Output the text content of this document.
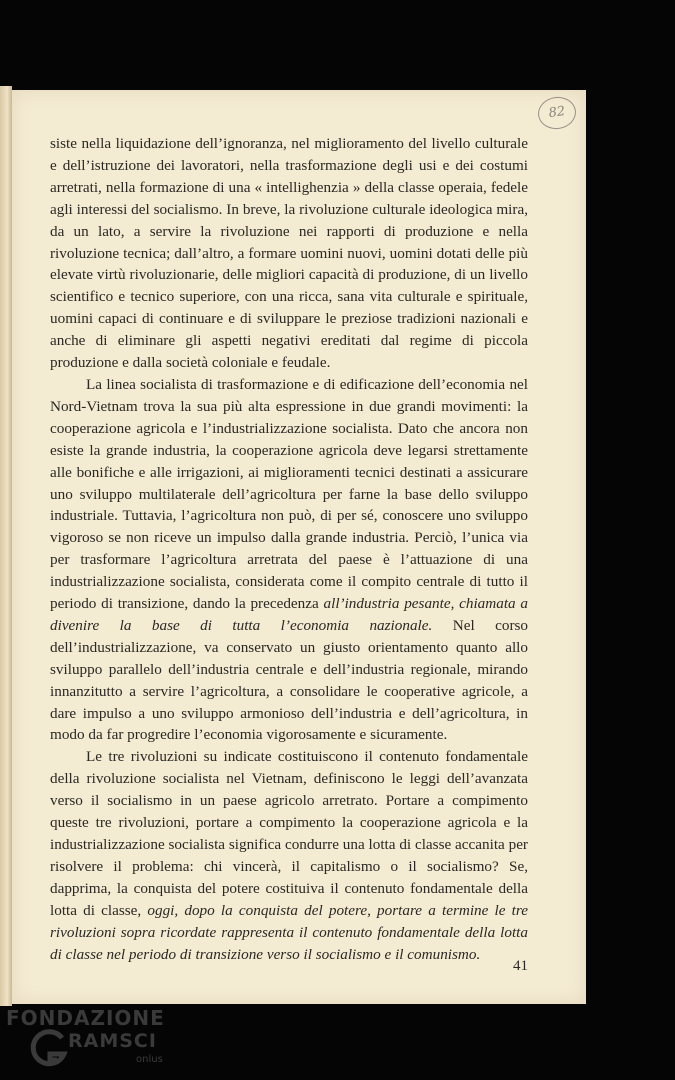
82

siste nella liquidazione dell’ignoranza, nel miglioramento del livello culturale e dell’istruzione dei lavoratori, nella trasformazione degli usi e dei costumi arretrati, nella formazione di una « intellighenzia » della classe operaia, fedele agli interessi del socialismo. In breve, la rivoluzione culturale ideologica mira, da un lato, a servire la rivoluzione nei rapporti di produzione e nella rivoluzione tecnica; dall’altro, a formare uomini nuovi, uomini dotati delle più elevate virtù rivoluzionarie, delle migliori capacità di produzione, di un livello scientifico e tecnico superiore, con una ricca, sana vita culturale e spirituale, uomini capaci di continuare e di sviluppare le preziose tradizioni nazionali e anche di eliminare gli aspetti negativi ereditati dal regime di piccola produzione e dalla società coloniale e feudale.

La linea socialista di trasformazione e di edificazione dell’economia nel Nord-Vietnam trova la sua più alta espressione in due grandi movimenti: la cooperazione agricola e l’industrializzazione socialista. Dato che ancora non esiste la grande industria, la cooperazione agricola deve legarsi strettamente alle bonifiche e alle irrigazioni, ai miglioramenti tecnici destinati a assicurare uno sviluppo multilaterale dell’agricoltura per farne la base dello sviluppo industriale. Tuttavia, l’agricoltura non può, di per sé, conoscere uno sviluppo vigoroso se non riceve un impulso dalla grande industria. Perciò, l’unica via per trasformare l’agricoltura arretrata del paese è l’attuazione di una industrializzazione socialista, considerata come il compito centrale di tutto il periodo di transizione, dando la precedenza all’industria pesante, chiamata a divenire la base di tutta l’economia nazionale. Nel corso dell’industrializzazione, va conservato un giusto orientamento quanto allo sviluppo parallelo dell’industria centrale e dell’industria regionale, mirando innanzitutto a servire l’agricoltura, a consolidare le cooperative agricole, a dare impulso a uno sviluppo armonioso dell’industria e dell’agricoltura, in modo da far progredire l’economia vigorosamente e sicuramente.

Le tre rivoluzioni su indicate costituiscono il contenuto fondamentale della rivoluzione socialista nel Vietnam, definiscono le leggi dell’avanzata verso il socialismo in un paese agricolo arretrato. Portare a compimento queste tre rivoluzioni, portare a compimento la cooperazione agricola e la industrializzazione socialista significa condurre una lotta di classe accanita per risolvere il problema: chi vincerà, il capitalismo o il socialismo? Se, dapprima, la conquista del potere costituiva il contenuto fondamentale della lotta di classe, oggi, dopo la conquista del potere, portare a termine le tre rivoluzioni sopra ricordate rappresenta il contenuto fondamentale della lotta di classe nel periodo di transizione verso il socialismo e il comunismo.

41
FONDAZIONE
RAMSCI
onlus
